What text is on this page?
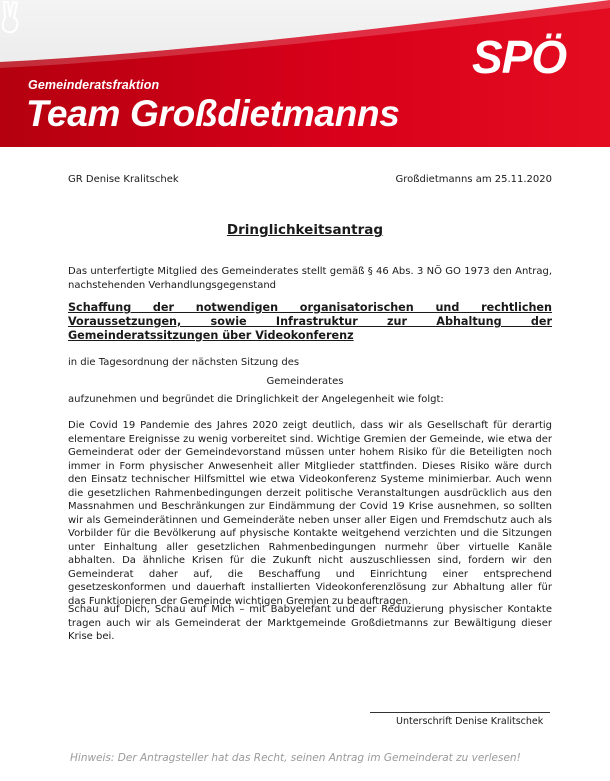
Gemeinderatsfraktion
Team Großdietmanns
SPÖ
GR Denise Kralitschek	Großdietmanns am 25.11.2020
Dringlichkeitsantrag
Das unterfertigte Mitglied des Gemeinderates stellt gemäß § 46 Abs. 3 NÖ GO 1973 den Antrag, nachstehenden Verhandlungsgegenstand
Schaffung der notwendigen organisatorischen und rechtlichen Voraussetzungen, sowie Infrastruktur zur Abhaltung der Gemeinderatssitzungen über Videokonferenz
in die Tagesordnung der nächsten Sitzung des
Gemeinderates
aufzunehmen und begründet die Dringlichkeit der Angelegenheit wie folgt:
Die Covid 19 Pandemie des Jahres 2020 zeigt deutlich, dass wir als Gesellschaft für derartig elementare Ereignisse zu wenig vorbereitet sind. Wichtige Gremien der Gemeinde, wie etwa der Gemeinderat oder der Gemeindevorstand müssen unter hohem Risiko für die Beteiligten noch immer in Form physischer Anwesenheit aller Mitglieder stattfinden. Dieses Risiko wäre durch den Einsatz technischer Hilfsmittel wie etwa Videokonferenz Systeme minimierbar. Auch wenn die gesetzlichen Rahmenbedingungen derzeit politische Veranstaltungen ausdrücklich aus den Massnahmen und Beschränkungen zur Eindämmung der Covid 19 Krise ausnehmen, so sollten wir als Gemeinderätinnen und Gemeinderäte neben unser aller Eigen und Fremdschutz auch als Vorbilder für die Bevölkerung auf physische Kontakte weitgehend verzichten und die Sitzungen unter Einhaltung aller gesetzlichen Rahmenbedingungen nurmehr über virtuelle Kanäle abhalten. Da ähnliche Krisen für die Zukunft nicht auszuschliessen sind, fordern wir den Gemeinderat daher auf, die Beschaffung und Einrichtung einer entsprechend gesetzeskonformen und dauerhaft installierten Videokonferenzlösung zur Abhaltung aller für das Funktionieren der Gemeinde wichtigen Gremien zu beauftragen.
Schau auf Dich, Schau auf Mich – mit Babyelefant und der Reduzierung physischer Kontakte tragen auch wir als Gemeinderat der Marktgemeinde Großdietmanns zur Bewältigung dieser Krise bei.
Unterschrift Denise Kralitschek
Hinweis: Der Antragsteller hat das Recht, seinen Antrag im Gemeinderat zu verlesen!
